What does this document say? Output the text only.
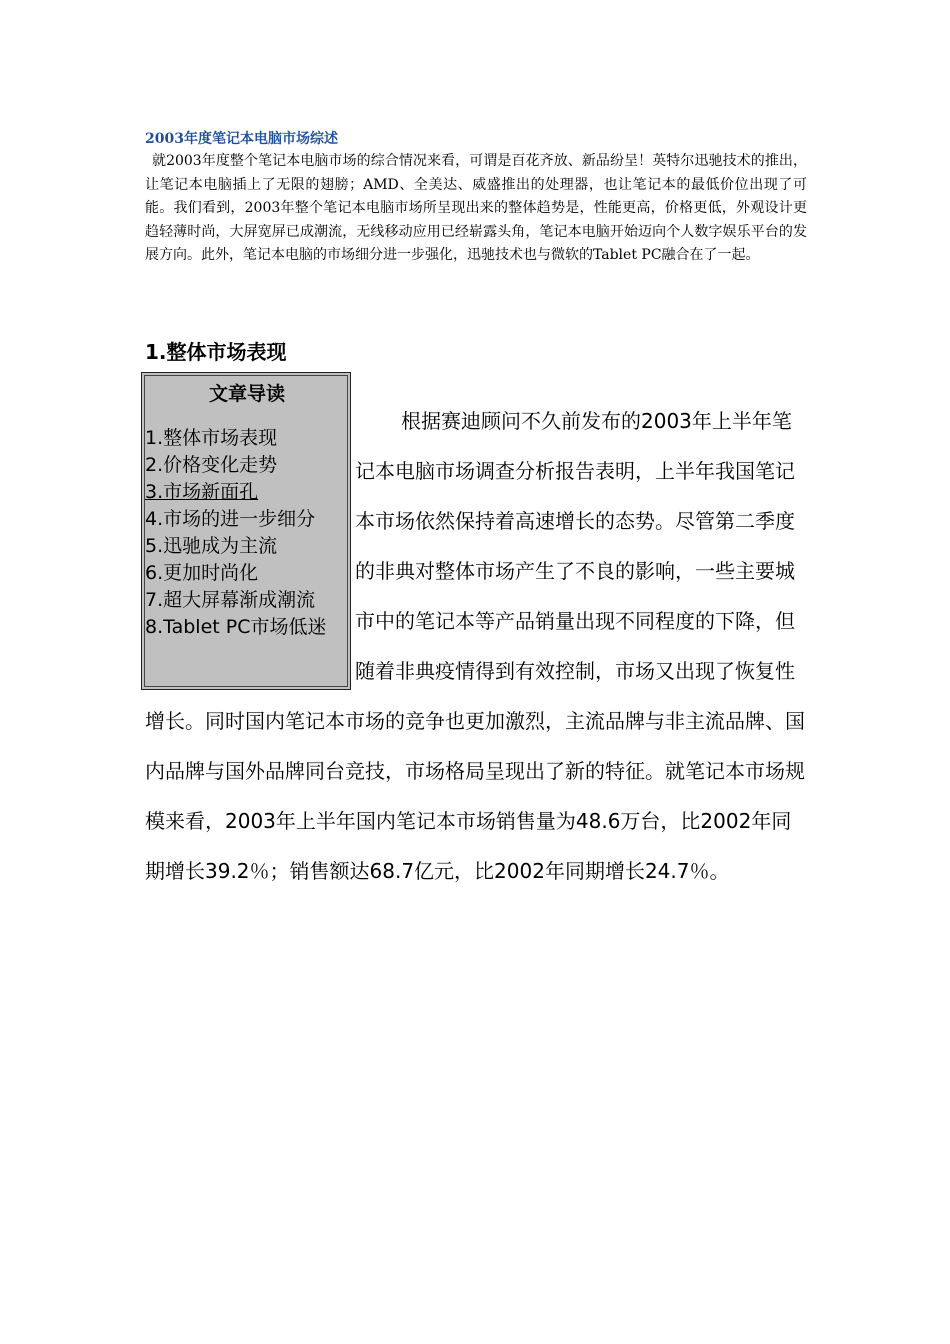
2003年度笔记本电脑市场综述

就2003年度整个笔记本电脑市场的综合情况来看，可谓是百花齐放、新品纷呈！英特尔迅驰技术的推出，让笔记本电脑插上了无限的翅膀；AMD、全美达、威盛推出的处理器，也让笔记本的最低价位出现了可能。我们看到，2003年整个笔记本电脑市场所呈现出来的整体趋势是，性能更高，价格更低，外观设计更趋轻薄时尚，大屏宽屏已成潮流，无线移动应用已经崭露头角，笔记本电脑开始迈向个人数字娱乐平台的发展方向。此外，笔记本电脑的市场细分进一步强化，迅驰技术也与微软的Tablet PC融合在了一起。

1.整体市场表现
文章导读
1.整体市场表现
2.价格变化走势
3.市场新面孔
4.市场的进一步细分
5.迅驰成为主流
6.更加时尚化
7.超大屏幕渐成潮流
8.Tablet PC市场低迷
根据赛迪顾问不久前发布的2003年上半年笔记本电脑市场调查分析报告表明，上半年我国笔记本市场依然保持着高速增长的态势。尽管第二季度的非典对整体市场产生了不良的影响，一些主要城市中的笔记本等产品销量出现不同程度的下降，但随着非典疫情得到有效控制，市场又出现了恢复性增长。同时国内笔记本市场的竞争也更加激烈，主流品牌与非主流品牌、国内品牌与国外品牌同台竞技，市场格局呈现出了新的特征。就笔记本市场规模来看，2003年上半年国内笔记本市场销售量为48.6万台，比2002年同期增长39.2％；销售额达68.7亿元，比2002年同期增长24.7％。
